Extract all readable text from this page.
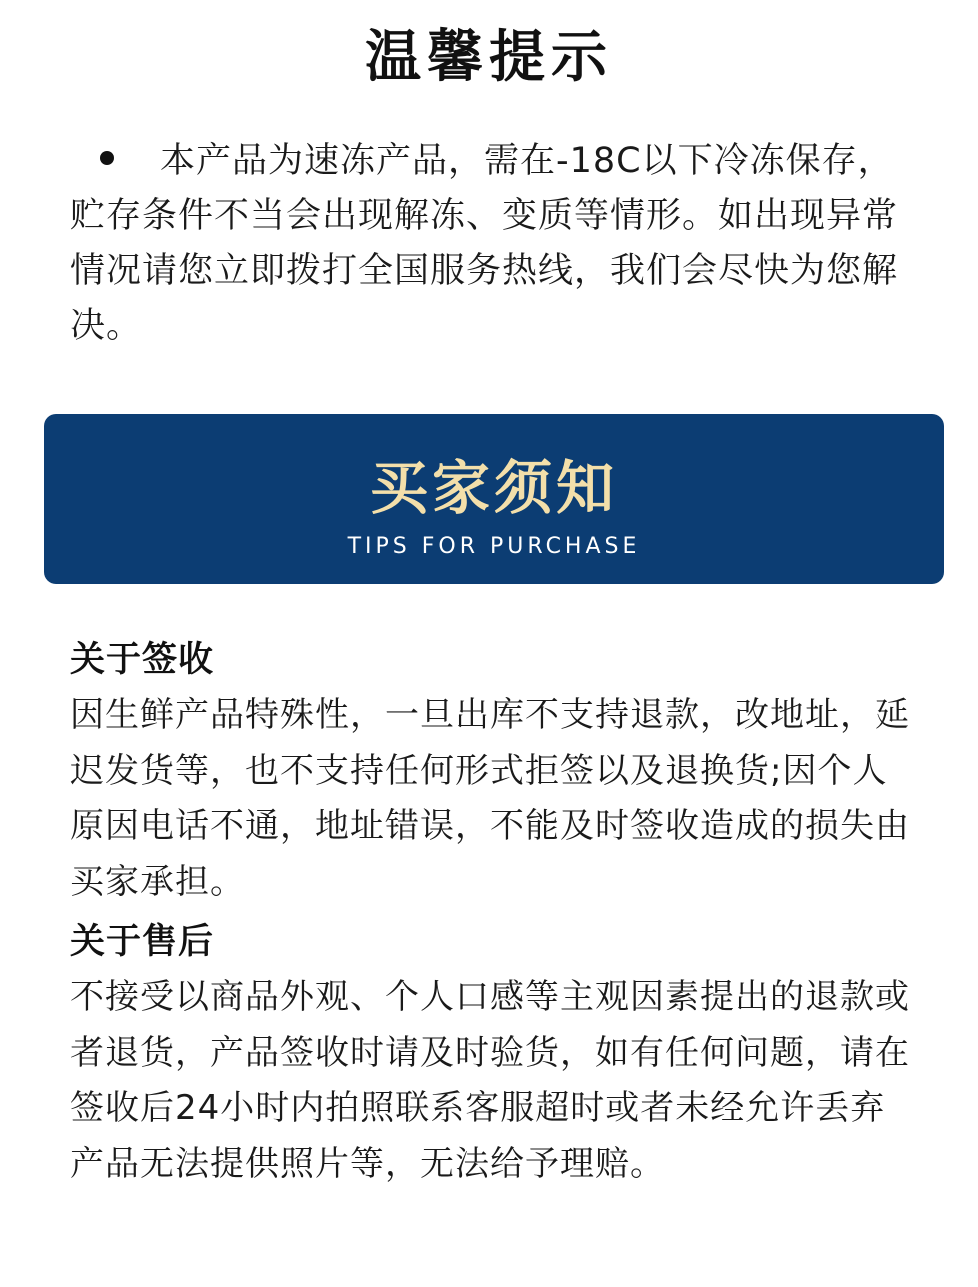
温馨提示
本产品为速冻产品，需在-18C以下冷冻保存，贮存条件不当会出现解冻、变质等情形。如出现异常情况请您立即拨打全国服务热线，我们会尽快为您解决。
买家须知
TIPS FOR PURCHASE
关于签收
因生鲜产品特殊性，一旦出库不支持退款，改地址，延迟发货等，也不支持任何形式拒签以及退换货;因个人原因电话不通，地址错误，不能及时签收造成的损失由买家承担。
关于售后
不接受以商品外观、个人口感等主观因素提出的退款或者退货，产品签收时请及时验货，如有任何问题，请在签收后24小时内拍照联系客服超时或者未经允许丢弃产品无法提供照片等，无法给予理赔。
